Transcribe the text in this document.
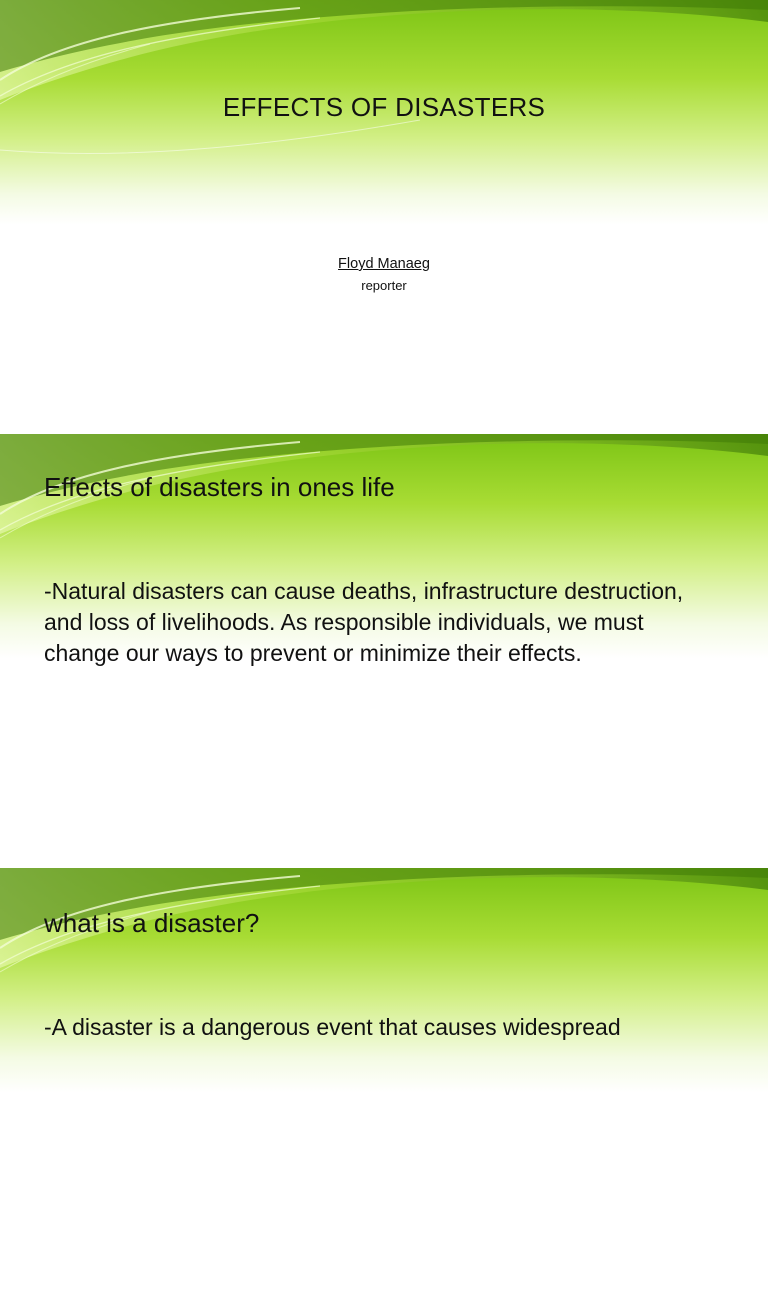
EFFECTS OF DISASTERS
Floyd Manaeg
reporter
Effects of disasters in ones life
-Natural disasters can cause deaths, infrastructure destruction, and loss of livelihoods. As responsible individuals, we must change our ways to prevent or minimize their effects.
what is a disaster?
-A disaster is a dangerous event that causes widespread
